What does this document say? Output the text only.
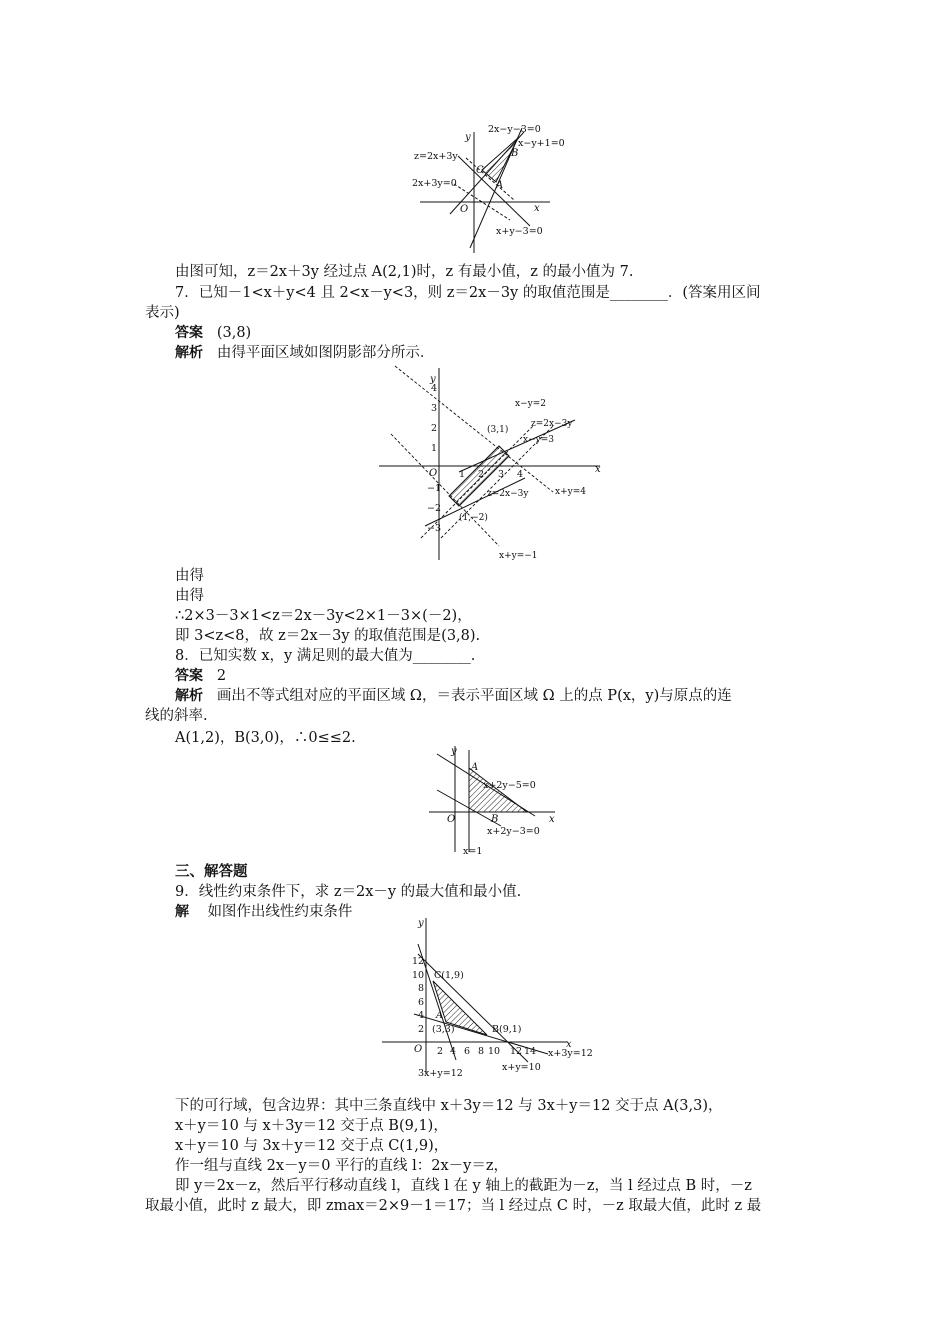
y
x
O
A
B
C
2x−y−3=0
x−y+1=0
z=2x+3y
2x+3y=0
x+y−3=0
由图可知，z＝2x＋3y 经过点 A(2,1)时，z 有最小值，z 的最小值为 7.
7．已知－1<x＋y<4 且 2<x－y<3，则 z＝2x－3y 的取值范围是________．(答案用区间
表示)
答案 (3,8)
解析 由得平面区域如图阴影部分所示．
y
x
O
4
3
2
1
−1
−2
−3
1 2 3 4
(3,1)
(1,−2)
x−y=2
z=2x−3y
x−y=3
z=2x−3y	x+y=4
x+y=−1
由得
由得
∴2×3－3×1<z＝2x－3y<2×1－3×(－2)，
即 3<z<8，故 z＝2x－3y 的取值范围是(3,8).
8．已知实数 x，y 满足则的最大值为________.
答案 2
解析 画出不等式组对应的平面区域 Ω，＝表示平面区域 Ω 上的点 P(x，y)与原点的连
线的斜率.
A(1,2)，B(3,0)，∴0≤≤2.
y
x
O
A
B
x+2y−5=0
x+2y−3=0
x=1
三、解答题
9．线性约束条件下，求 z＝2x－y 的最大值和最小值.
解 如图作出线性约束条件
y
x
O
12
10
8
6
4
2
2 4 6 8 10 12 14
C(1,9)
A
(3,3)	B(9,1)
x+3y=12
3x+y=12
x+y=10
下的可行域，包含边界：其中三条直线中 x＋3y＝12 与 3x＋y＝12 交于点 A(3,3)，
x＋y＝10 与 x＋3y＝12 交于点 B(9,1)，
x＋y＝10 与 3x＋y＝12 交于点 C(1,9)，
作一组与直线 2x－y＝0 平行的直线 l：2x－y＝z，
即 y＝2x－z，然后平行移动直线 l，直线 l 在 y 轴上的截距为－z，当 l 经过点 B 时，－z
取最小值，此时 z 最大，即 zmax＝2×9－1＝17；当 l 经过点 C 时，－z 取最大值，此时 z 最
